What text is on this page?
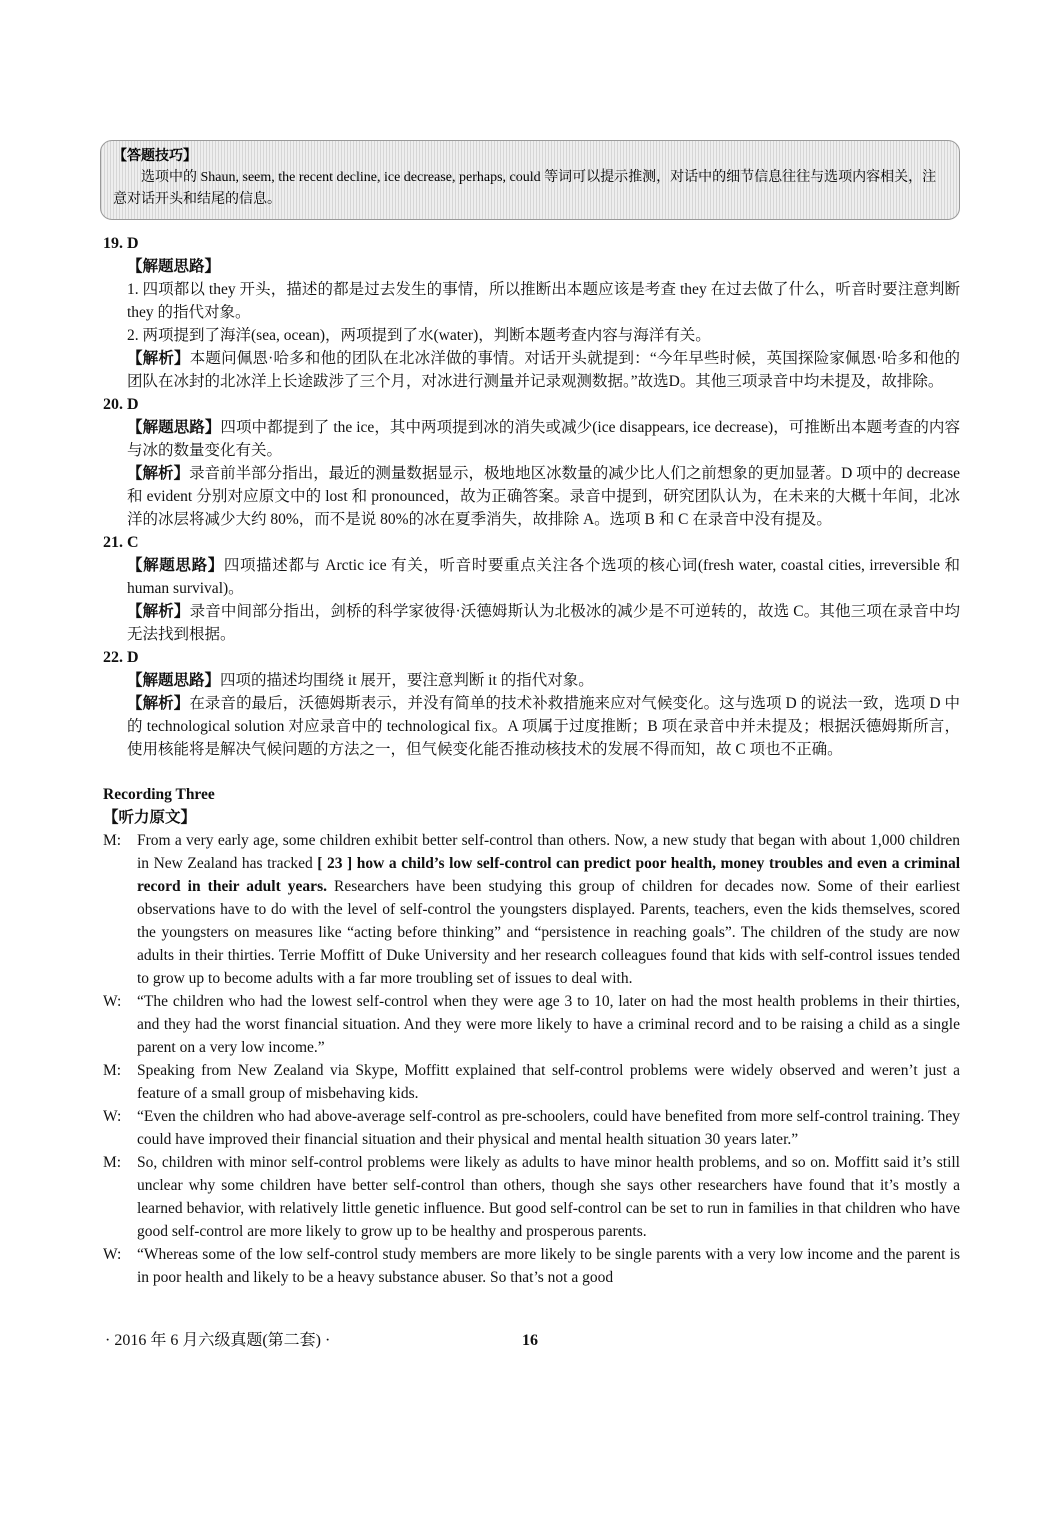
【答题技巧】
选项中的 Shaun, seem, the recent decline, ice decrease, perhaps, could 等词可以提示推测，对话中的细节信息往往与选项内容相关，注意对话开头和结尾的信息。
19. D
【解题思路】
1. 四项都以 they 开头，描述的都是过去发生的事情，所以推断出本题应该是考查 they 在过去做了什么，听音时要注意判断 they 的指代对象。
2. 两项提到了海洋(sea, ocean)，两项提到了水(water)，判断本题考查内容与海洋有关。
【解析】本题问佩恩·哈多和他的团队在北冰洋做的事情。对话开头就提到：“今年早些时候，英国探险家佩恩·哈多和他的团队在冰封的北冰洋上长途跋涉了三个月，对冰进行测量并记录观测数据。”故选D。其他三项录音中均未提及，故排除。
20. D
【解题思路】四项中都提到了 the ice，其中两项提到冰的消失或减少(ice disappears, ice decrease)，可推断出本题考查的内容与冰的数量变化有关。
【解析】录音前半部分指出，最近的测量数据显示，极地地区冰数量的减少比人们之前想象的更加显著。D 项中的 decrease 和 evident 分别对应原文中的 lost 和 pronounced，故为正确答案。录音中提到，研究团队认为，在未来的大概十年间，北冰洋的冰层将减少大约 80%，而不是说 80%的冰在夏季消失，故排除 A。选项 B 和 C 在录音中没有提及。
21. C
【解题思路】四项描述都与 Arctic ice 有关，听音时要重点关注各个选项的核心词(fresh water, coastal cities, irreversible 和 human survival)。
【解析】录音中间部分指出，剑桥的科学家彼得·沃德姆斯认为北极冰的减少是不可逆转的，故选 C。其他三项在录音中均无法找到根据。
22. D
【解题思路】四项的描述均围绕 it 展开，要注意判断 it 的指代对象。
【解析】在录音的最后，沃德姆斯表示，并没有简单的技术补救措施来应对气候变化。这与选项 D 的说法一致，选项 D 中的 technological solution 对应录音中的 technological fix。A 项属于过度推断；B 项在录音中并未提及；根据沃德姆斯所言，使用核能将是解决气候问题的方法之一，但气候变化能否推动核技术的发展不得而知，故 C 项也不正确。
Recording Three
【听力原文】
M:	From a very early age, some children exhibit better self-control than others. Now, a new study that began with about 1,000 children in New Zealand has tracked [ 23 ] how a child’s low self-control can predict poor health, money troubles and even a criminal record in their adult years. Researchers have been studying this group of children for decades now. Some of their earliest observations have to do with the level of self-control the youngsters displayed. Parents, teachers, even the kids themselves, scored the youngsters on measures like “acting before thinking” and “persistence in reaching goals”. The children of the study are now adults in their thirties. Terrie Moffitt of Duke University and her research colleagues found that kids with self-control issues tended to grow up to become adults with a far more troubling set of issues to deal with.
W:	“The children who had the lowest self-control when they were age 3 to 10, later on had the most health problems in their thirties, and they had the worst financial situation. And they were more likely to have a criminal record and to be raising a child as a single parent on a very low income.”
M:	Speaking from New Zealand via Skype, Moffitt explained that self-control problems were widely observed and weren’t just a feature of a small group of misbehaving kids.
W:	“Even the children who had above-average self-control as pre-schoolers, could have benefited from more self-control training. They could have improved their financial situation and their physical and mental health situation 30 years later.”
M:	So, children with minor self-control problems were likely as adults to have minor health problems, and so on. Moffitt said it’s still unclear why some children have better self-control than others, though she says other researchers have found that it’s mostly a learned behavior, with relatively little genetic influence. But good self-control can be set to run in families in that children who have good self-control are more likely to grow up to be healthy and prosperous parents.
W:	“Whereas some of the low self-control study members are more likely to be single parents with a very low income and the parent is in poor health and likely to be a heavy substance abuser. So that’s not a good
· 2016 年 6 月六级真题(第二套) ·	16
